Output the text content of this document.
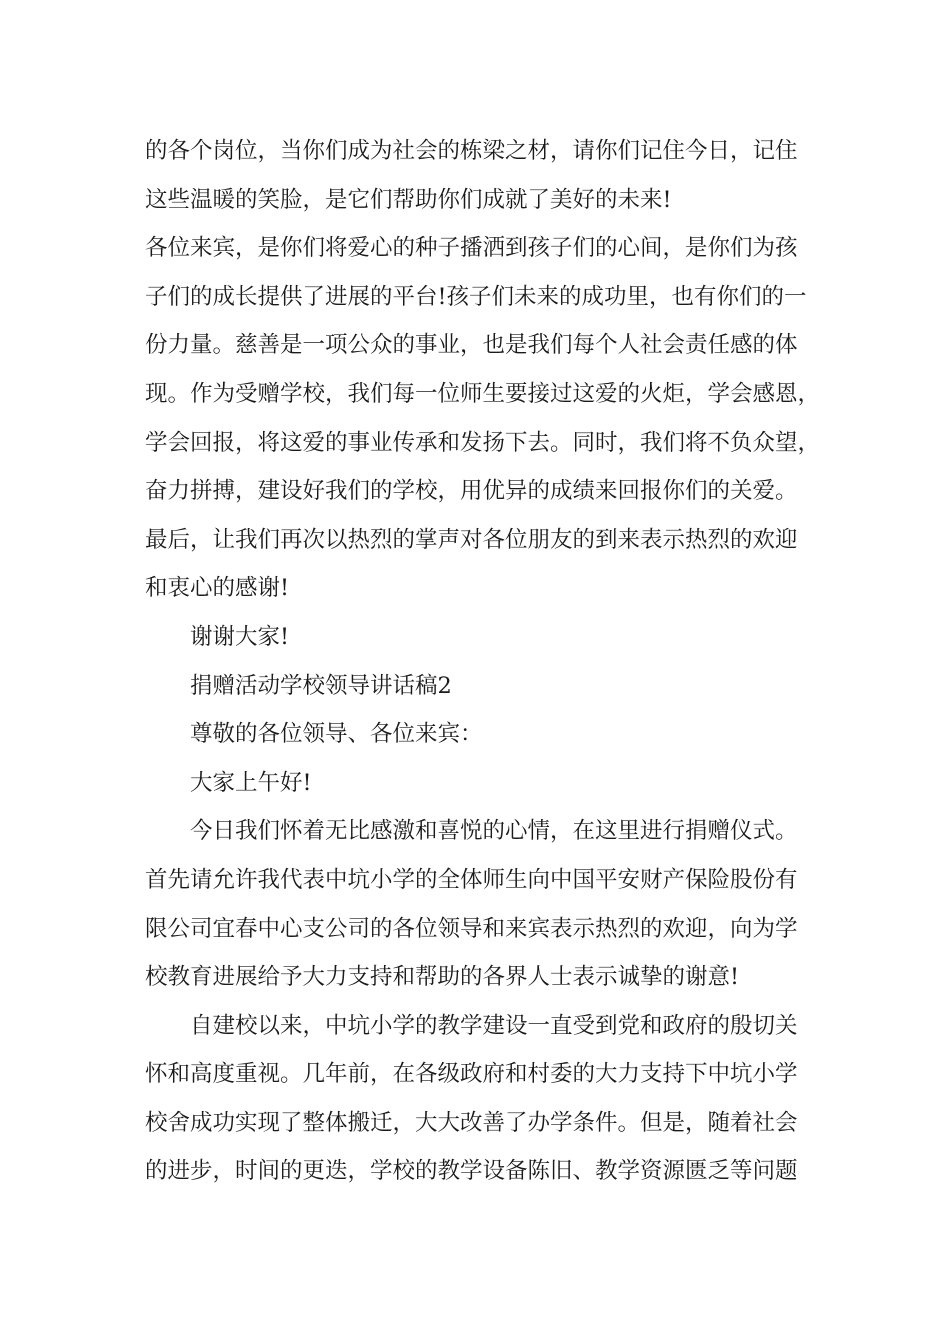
的各个岗位，当你们成为社会的栋梁之材，请你们记住今日，记住
这些温暖的笑脸，是它们帮助你们成就了美好的未来!
各位来宾，是你们将爱心的种子播洒到孩子们的心间，是你们为孩
子们的成长提供了进展的平台!孩子们未来的成功里，也有你们的一
份力量。慈善是一项公众的事业，也是我们每个人社会责任感的体
现。作为受赠学校，我们每一位师生要接过这爱的火炬，学会感恩，
学会回报，将这爱的事业传承和发扬下去。同时，我们将不负众望，
奋力拼搏，建设好我们的学校，用优异的成绩来回报你们的关爱。
最后，让我们再次以热烈的掌声对各位朋友的到来表示热烈的欢迎
和衷心的感谢!
谢谢大家!
捐赠活动学校领导讲话稿2
尊敬的各位领导、各位来宾：
大家上午好!
今日我们怀着无比感激和喜悦的心情，在这里进行捐赠仪式。
首先请允许我代表中坑小学的全体师生向中国平安财产保险股份有
限公司宜春中心支公司的各位领导和来宾表示热烈的欢迎，向为学
校教育进展给予大力支持和帮助的各界人士表示诚挚的谢意!
自建校以来，中坑小学的教学建设一直受到党和政府的殷切关
怀和高度重视。几年前，在各级政府和村委的大力支持下中坑小学
校舍成功实现了整体搬迁，大大改善了办学条件。但是，随着社会
的进步，时间的更迭，学校的教学设备陈旧、教学资源匮乏等问题
